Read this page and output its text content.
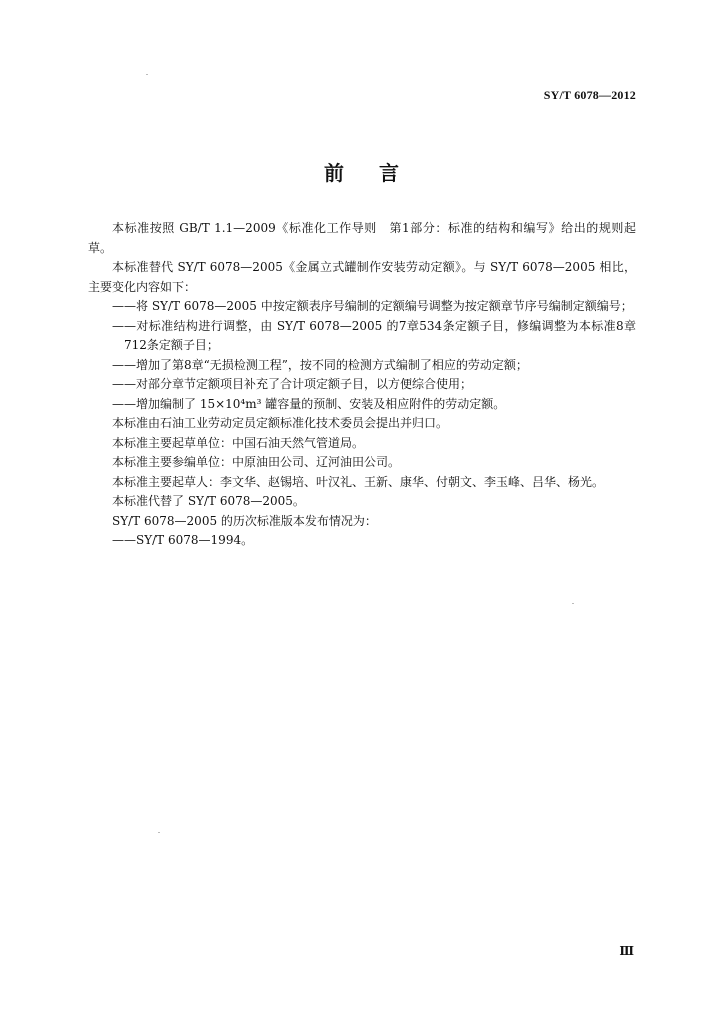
SY/T 6078—2012
前 言

本标准按照 GB/T 1.1—2009《标准化工作导则　第1部分：标准的结构和编写》给出的规则起草。

本标准替代 SY/T 6078—2005《金属立式罐制作安装劳动定额》。与 SY/T 6078—2005 相比，主要变化内容如下：

——将 SY/T 6078—2005 中按定额表序号编制的定额编号调整为按定额章节序号编制定额编号；

——对标准结构进行调整，由 SY/T 6078—2005 的7章534条定额子目，修编调整为本标准8章712条定额子目；

——增加了第8章“无损检测工程”，按不同的检测方式编制了相应的劳动定额；

——对部分章节定额项目补充了合计项定额子目，以方便综合使用；

——增加编制了 15×10⁴m³ 罐容量的预制、安装及相应附件的劳动定额。

本标准由石油工业劳动定员定额标准化技术委员会提出并归口。

本标准主要起草单位：中国石油天然气管道局。

本标准主要参编单位：中原油田公司、辽河油田公司。

本标准主要起草人：李文华、赵锡培、叶汉礼、王新、康华、付朝文、李玉峰、吕华、杨光。

本标准代替了 SY/T 6078—2005。

SY/T 6078—2005 的历次标准版本发布情况为：

——SY/T 6078—1994。

Ⅲ
